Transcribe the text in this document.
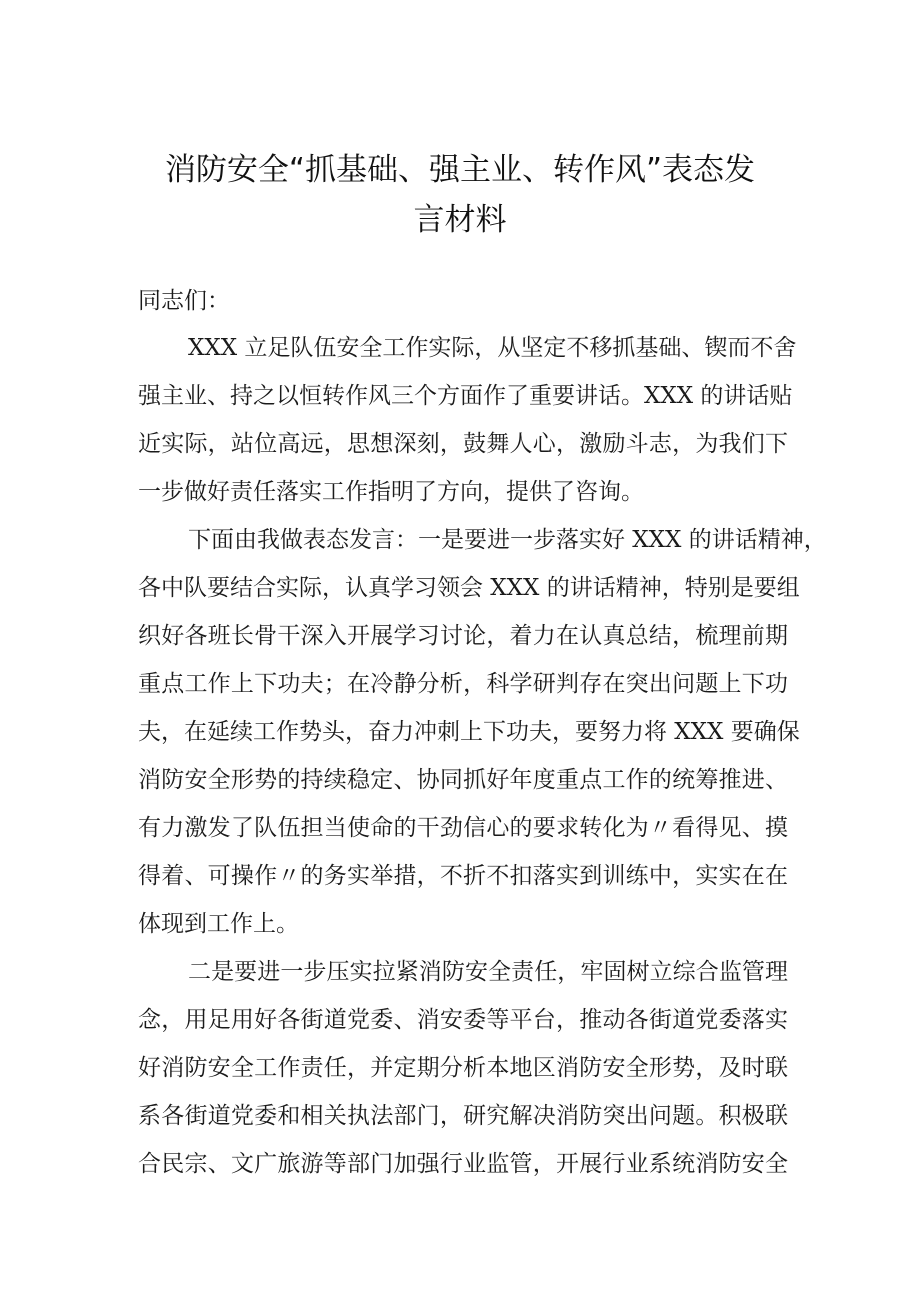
消防安全“抓基础、强主业、转作风”表态发
言材料
同志们：
XXX 立足队伍安全工作实际，从坚定不移抓基础、锲而不舍
强主业、持之以恒转作风三个方面作了重要讲话。XXX 的讲话贴
近实际，站位高远，思想深刻，鼓舞人心，激励斗志，为我们下
一步做好责任落实工作指明了方向，提供了咨询。
下面由我做表态发言：一是要进一步落实好 XXX 的讲话精神，
各中队要结合实际，认真学习领会 XXX 的讲话精神，特别是要组
织好各班长骨干深入开展学习讨论，着力在认真总结，梳理前期
重点工作上下功夫；在冷静分析，科学研判存在突出问题上下功
夫，在延续工作势头，奋力冲刺上下功夫，要努力将 XXX 要确保
消防安全形势的持续稳定、协同抓好年度重点工作的统筹推进、
有力激发了队伍担当使命的干劲信心的要求转化为〃看得见、摸
得着、可操作〃的务实举措，不折不扣落实到训练中，实实在在
体现到工作上。
二是要进一步压实拉紧消防安全责任，牢固树立综合监管理
念，用足用好各街道党委、消安委等平台，推动各街道党委落实
好消防安全工作责任，并定期分析本地区消防安全形势，及时联
系各街道党委和相关执法部门，研究解决消防突出问题。积极联
合民宗、文广旅游等部门加强行业监管，开展行业系统消防安全
